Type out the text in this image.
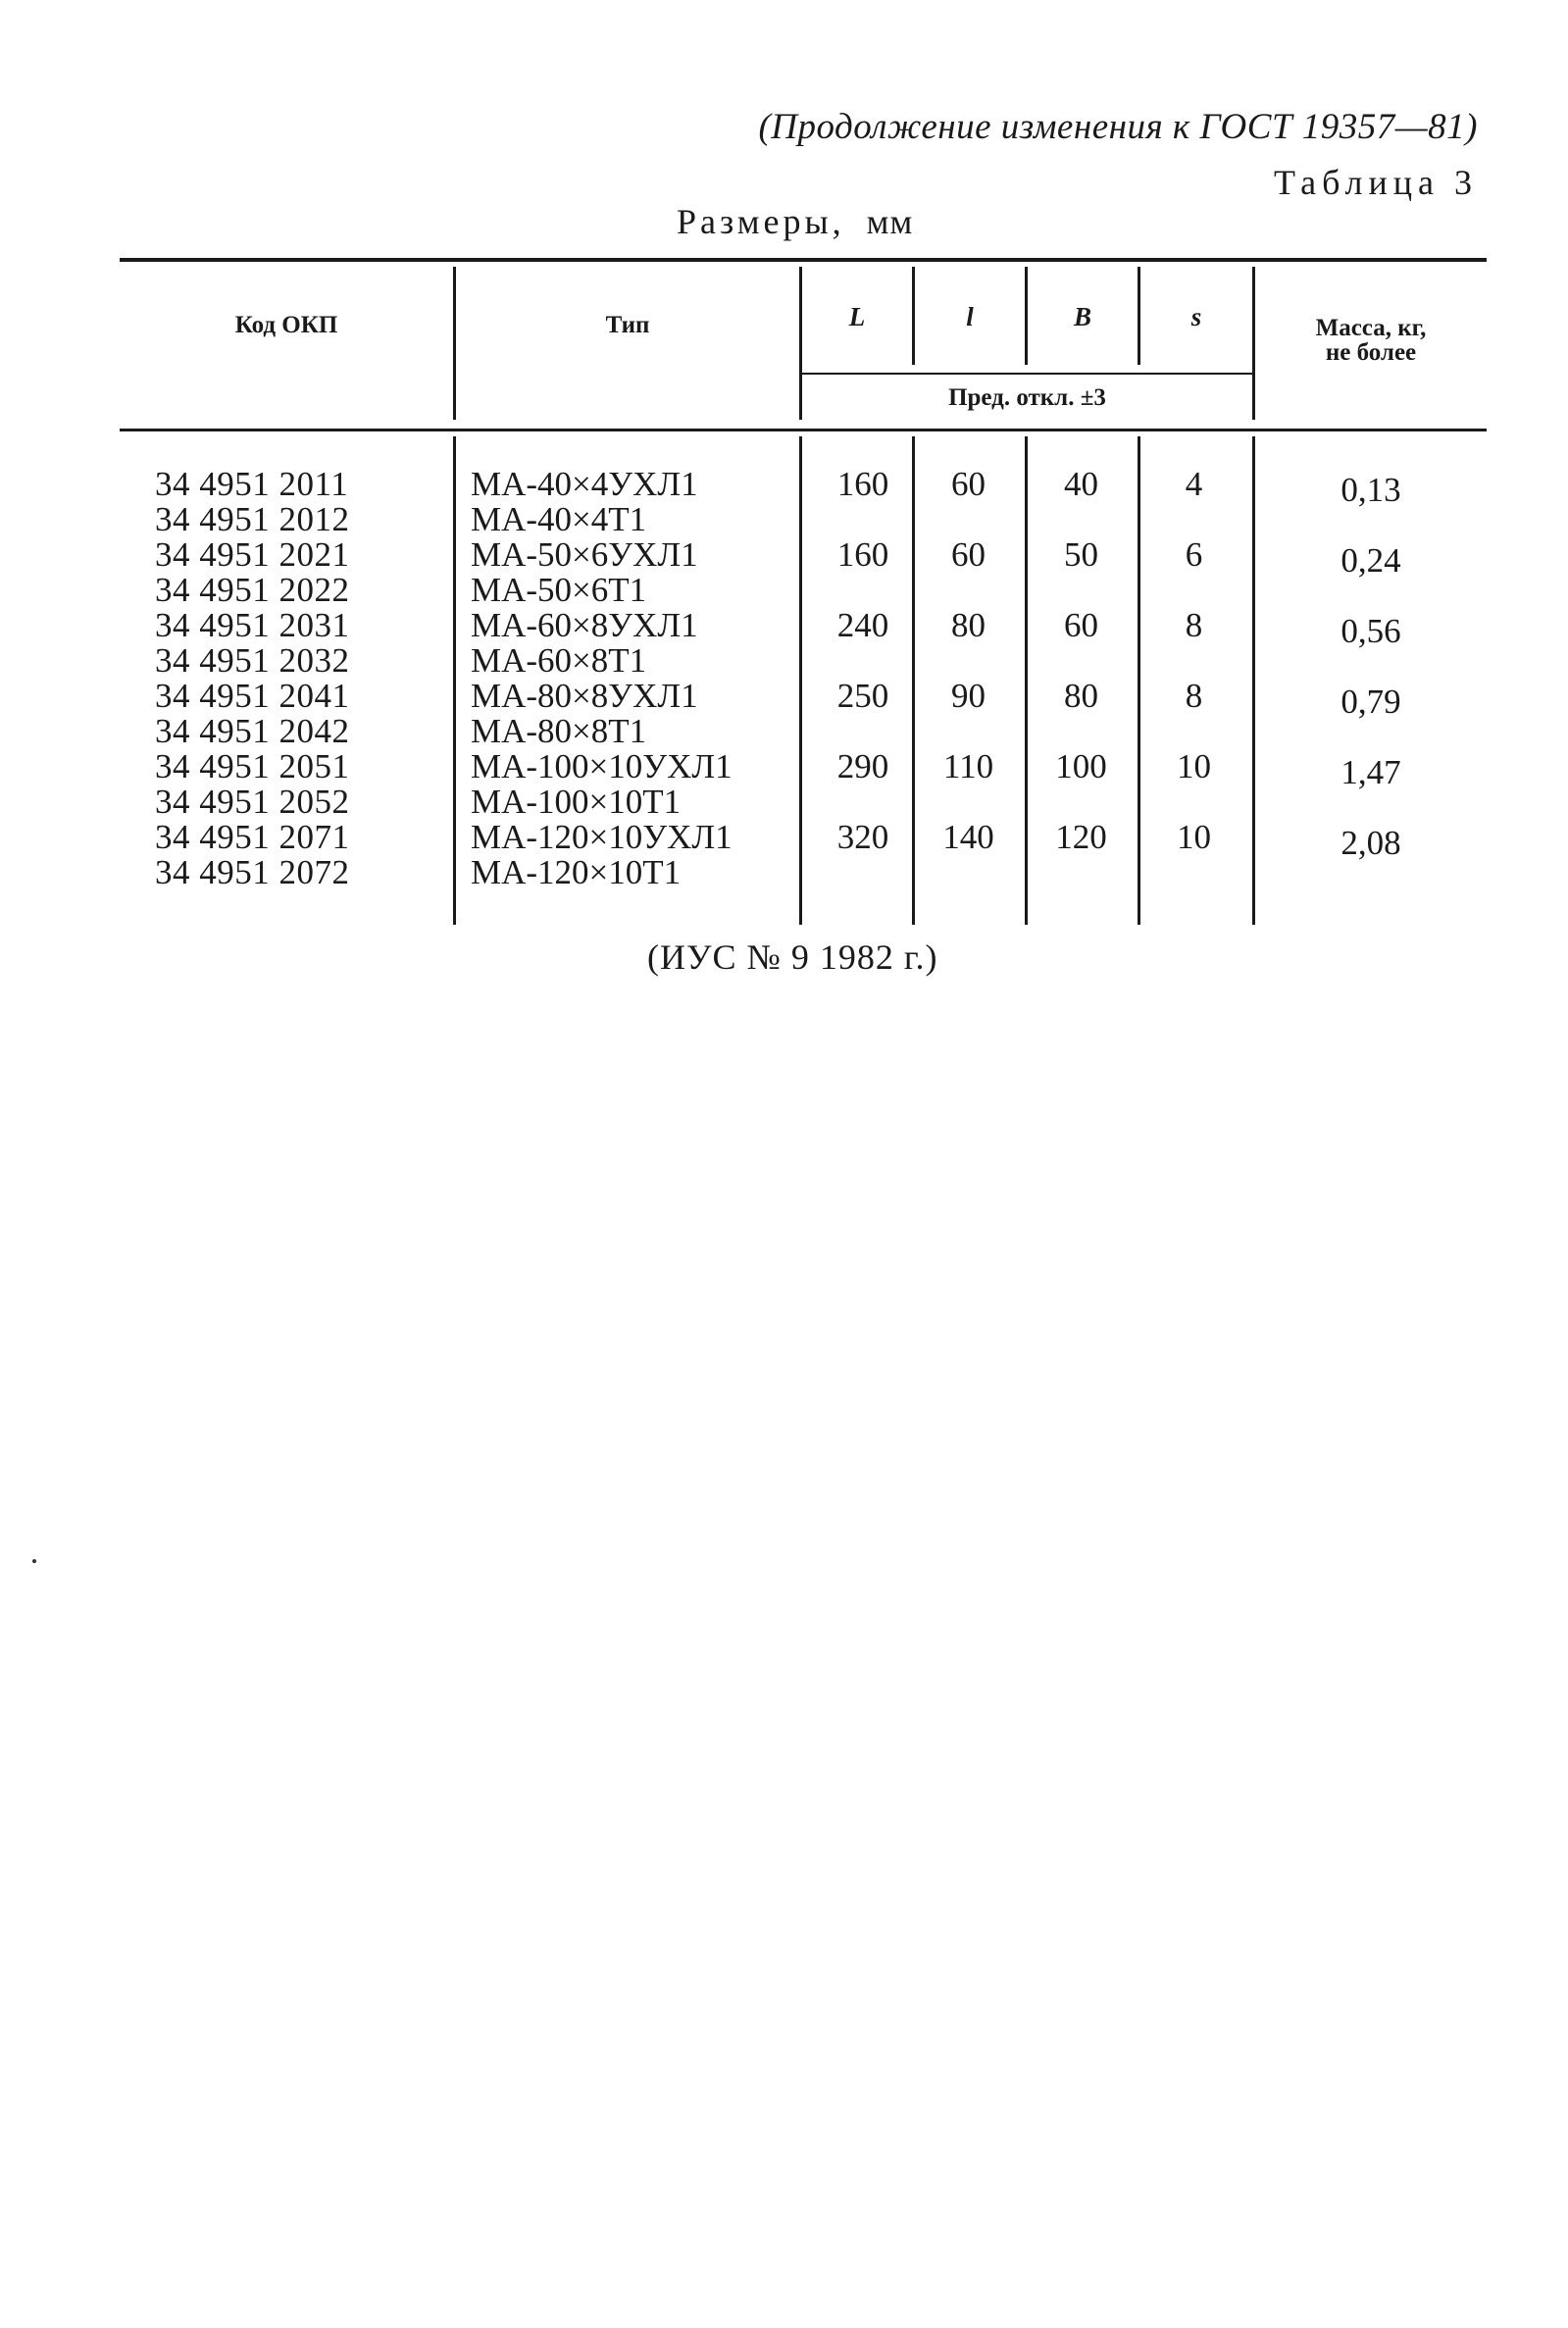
(Продолжение изменения к ГОСТ 19357—81)
Таблица 3
Размеры, мм
Код ОКП	Тип	L	l	B	s	Масса, кг,
не более
Пред. откл. ±3
34 4951 2011	МА-40×4УХЛ1	160	60	40	4	0,13
34 4951 2012	МА-40×4Т1
34 4951 2021	МА-50×6УХЛ1	160	60	50	6	0,24
34 4951 2022	МА-50×6Т1
34 4951 2031	МА-60×8УХЛ1	240	80	60	8	0,56
34 4951 2032	МА-60×8Т1
34 4951 2041	МА-80×8УХЛ1	250	90	80	8	0,79
34 4951 2042	МА-80×8Т1
34 4951 2051	МА-100×10УХЛ1	290	110	100	10	1,47
34 4951 2052	МА-100×10Т1
34 4951 2071	МА-120×10УХЛ1	320	140	120	10	2,08
34 4951 2072	МА-120×10Т1
(ИУС № 9 1982 г.)
